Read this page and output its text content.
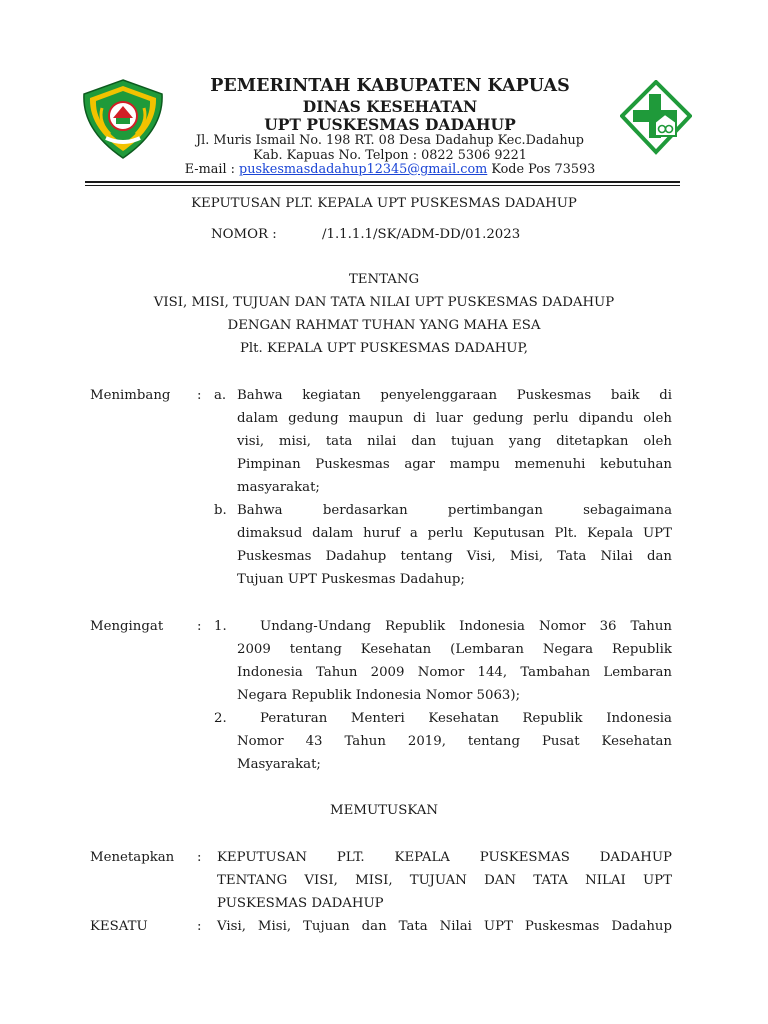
PEMERINTAH KABUPATEN KAPUAS
DINAS KESEHATAN
UPT PUSKESMAS DADAHUP
Jl. Muris Ismail No. 198 RT. 08 Desa Dadahup Kec.Dadahup
Kab. Kapuas No. Telpon : 0822 5306 9221
E-mail : puskesmasdadahup12345@gmail.com Kode Pos 73593
KEPUTUSAN PLT. KEPALA UPT PUSKESMAS DADAHUP
NOMOR :	/1.1.1.1/SK/ADM-DD/01.2023
TENTANG
VISI, MISI, TUJUAN DAN TATA NILAI UPT PUSKESMAS DADAHUP
DENGAN RAHMAT TUHAN YANG MAHA ESA
Plt. KEPALA UPT PUSKESMAS DADAHUP,
Menimbang : a. Bahwa kegiatan penyelenggaraan Puskesmas baik di
dalam gedung maupun di luar gedung perlu dipandu oleh
visi, misi, tata nilai dan tujuan yang ditetapkan oleh
Pimpinan Puskesmas agar mampu memenuhi kebutuhan
masyarakat;
b. Bahwa berdasarkan pertimbangan sebagaimana
dimaksud dalam huruf a perlu Keputusan Plt. Kepala UPT
Puskesmas Dadahup tentang Visi, Misi, Tata Nilai dan
Tujuan UPT Puskesmas Dadahup;
Mengingat	: 1.	Undang-Undang Republik Indonesia Nomor 36 Tahun
2009 tentang Kesehatan (Lembaran Negara Republik
Indonesia Tahun 2009 Nomor 144, Tambahan Lembaran
Negara Republik Indonesia Nomor 5063);
2.	Peraturan Menteri Kesehatan Republik Indonesia
Nomor 43 Tahun 2019, tentang Pusat Kesehatan
Masyarakat;
MEMUTUSKAN
Menetapkan : KEPUTUSAN PLT. KEPALA PUSKESMAS DADAHUP
TENTANG VISI, MISI, TUJUAN DAN TATA NILAI UPT
PUSKESMAS DADAHUP
KESATU	: Visi, Misi, Tujuan dan Tata Nilai UPT Puskesmas Dadahup
